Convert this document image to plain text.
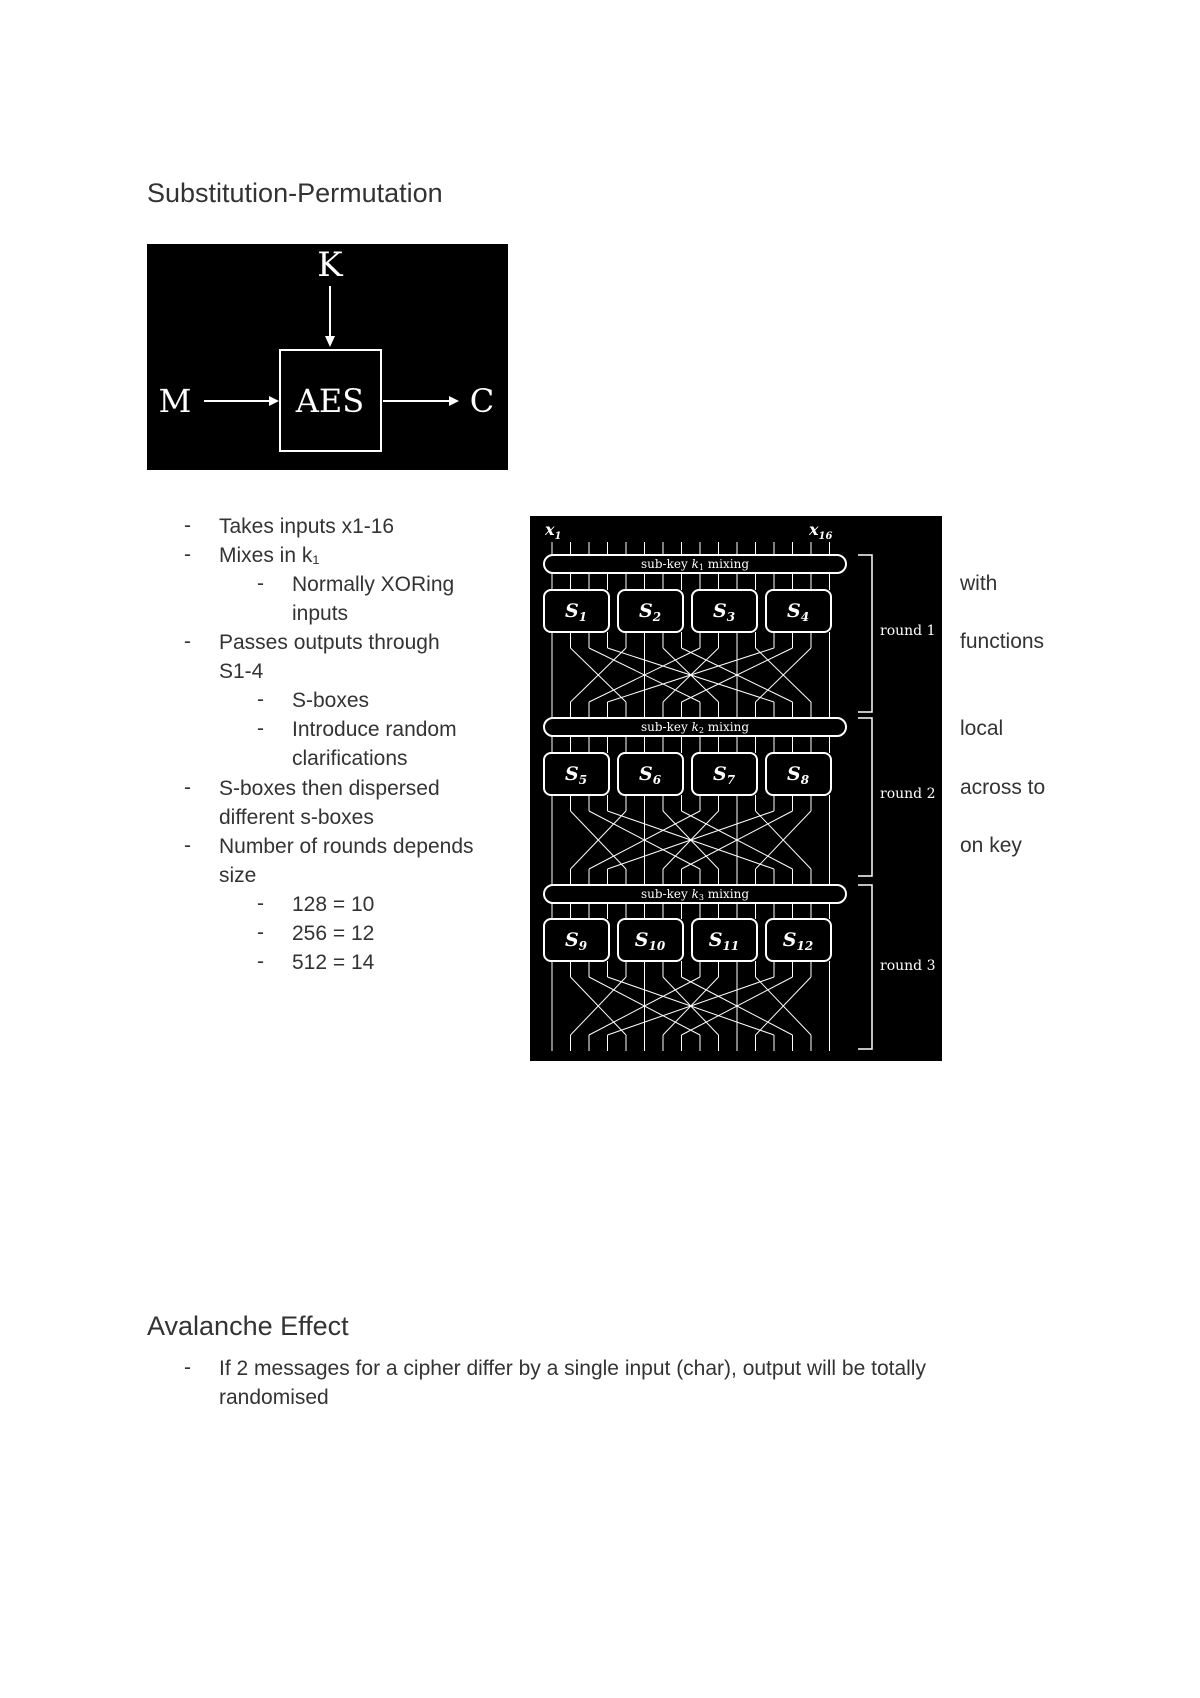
Substitution-Permutation
K
AES
M	C
- Takes inputs x1-16
- Mixes in k₁
- Normally XORing
inputs
with
- Passes outputs through
S1-4
functions
- S-boxes
- Introduce random
clarifications
local
- S-boxes then dispersed
different s-boxes
across to
- Number of rounds depends
size
on key
- 128 = 10
- 256 = 12
- 512 = 14
$x_1$	$x_{16}$
sub-key k1 mixing
sub-key k2 mixing
sub-key k3 mixing
$S_1$	$S_2$	$S_3$	$S_4$
$S_5$	$S_6$	$S_7$	$S_8$
$S_9$	$S_{10}$ $S_{11}$ $S_{12}$
round 1
round 2
round 3
Avalanche Effect
- If 2 messages for a cipher differ by a single input (char), output will be totally
randomised
